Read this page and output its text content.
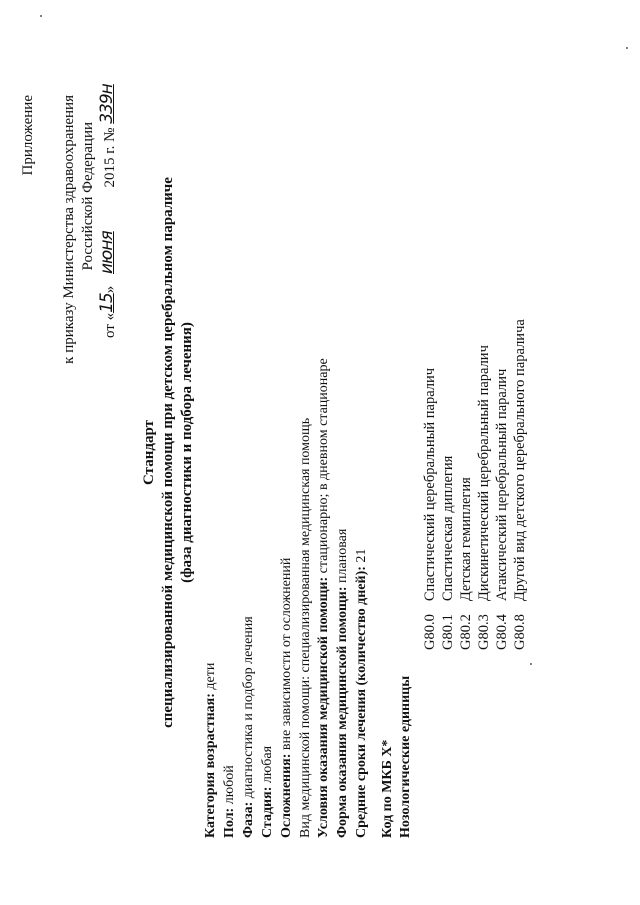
Приложение к приказу Министерства здравоохранения Российской Федерации
от «15» июня 2015 г. № 339н
Стандарт специализированной медицинской помощи при детском церебральном параличе (фаза диагностики и подбора лечения)
Категория возрастная: дети
Пол: любой
Фаза: диагностика и подбор лечения
Стадия: любая Осложнения: вне зависимости от осложнений
Вид медицинской помощи: специализированная медицинская помощь
Условия оказания медицинской помощи: стационарно; в дневном стационаре
Форма оказания медицинской помощи: плановая
Средние сроки лечения (количество дней): 21
Код по МКБ X* Нозологические единицы
G80.0Спастический церебральный паралич
G80.1Спастическая диплегия
G80.2Детская гемиплегия
G80.3Дискинетический церебральный паралич
G80.4Атаксический церебральный паралич
G80.8Другой вид детского церебрального паралича
